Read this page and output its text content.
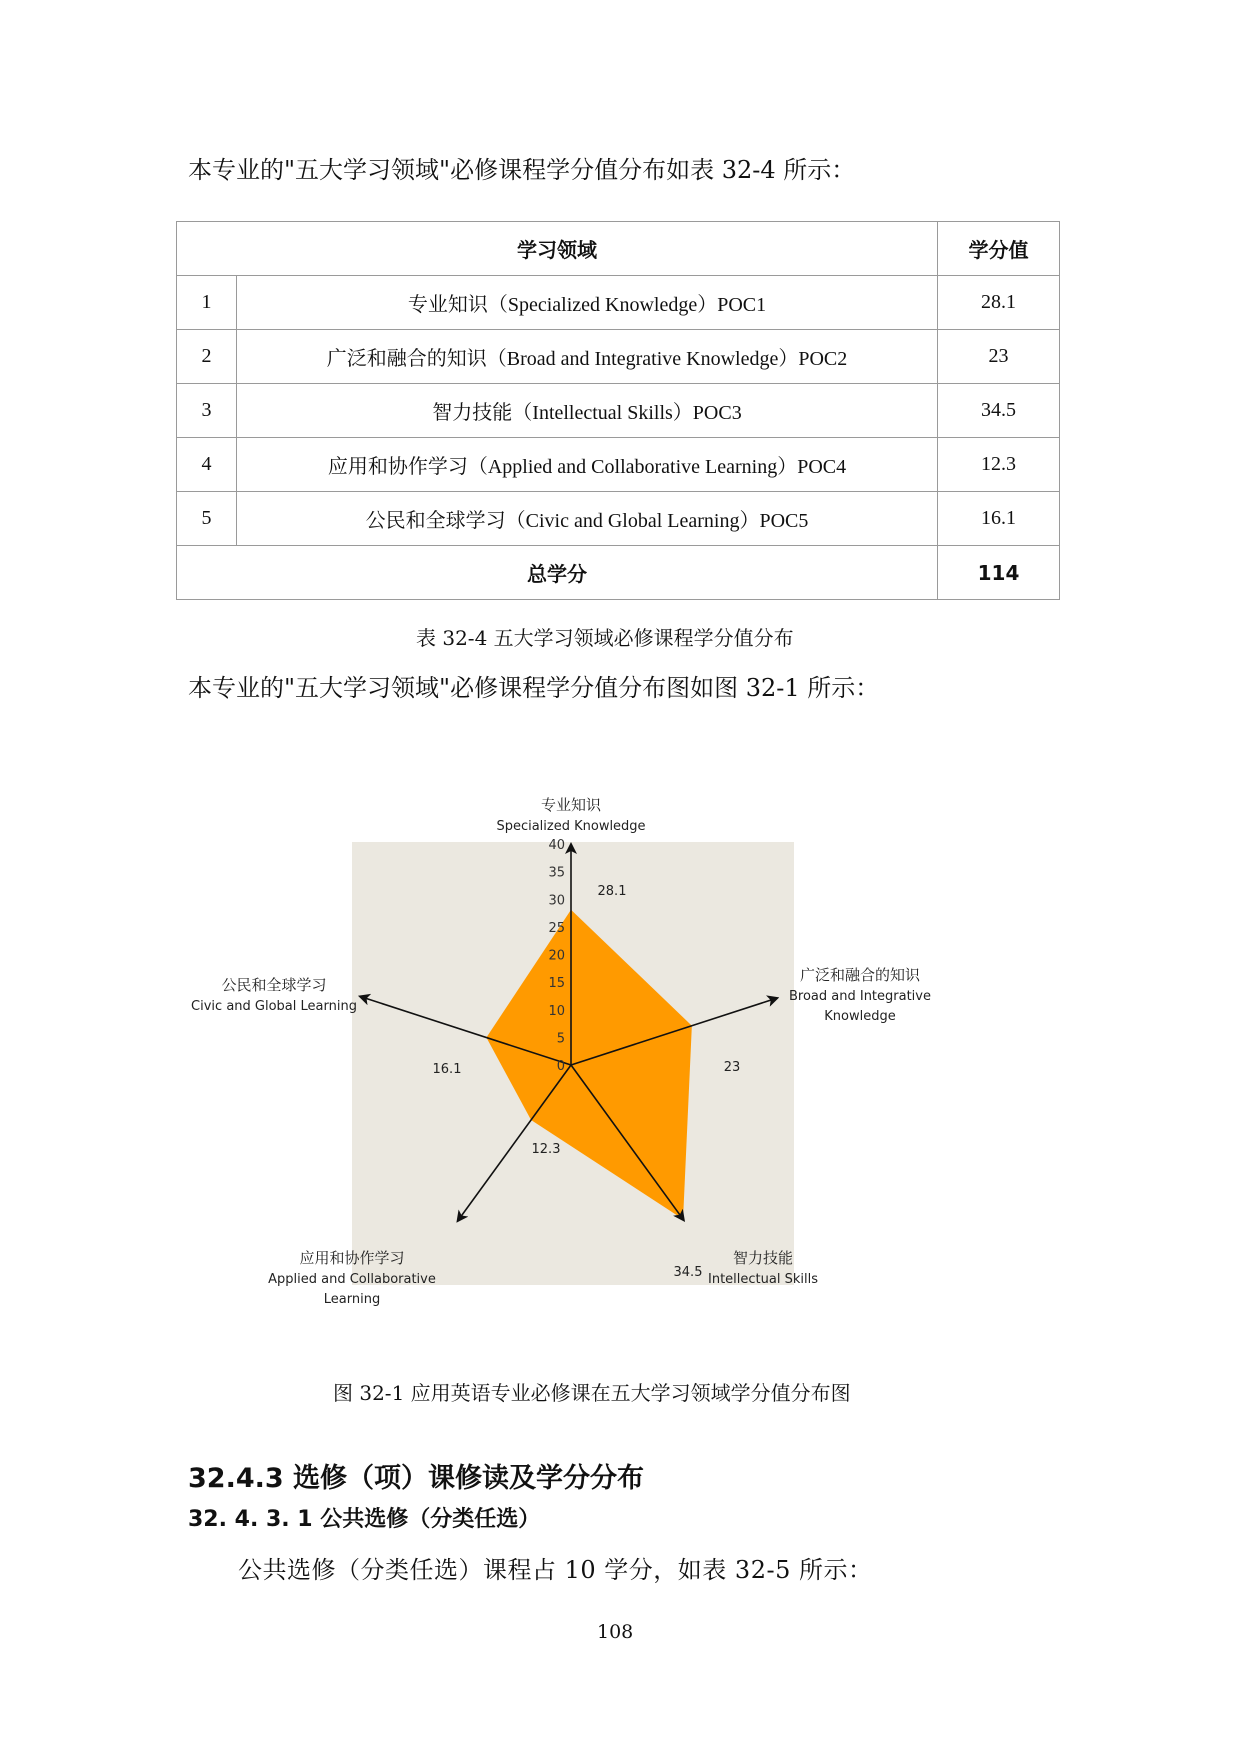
本专业的"五大学习领域"必修课程学分值分布如表 32-4 所示：
学习领域		学分值
1	专业知识（Specialized Knowledge）POC1	28.1
2	广泛和融合的知识（Broad and Integrative Knowledge）POC2	23
3	智力技能（Intellectual Skills）POC3	34.5
4	应用和协作学习（Applied and Collaborative Learning）POC4	12.3
5	公民和全球学习（Civic and Global Learning）POC5	16.1
总学分		114
表 32-4 五大学习领域必修课程学分值分布
本专业的"五大学习领域"必修课程学分值分布图如图 32-1 所示：
0
5
10
15
20
25
30
35
40
专业知识
Specialized Knowledge
广泛和融合的知识
Broad and Integrative
Knowledge
智力技能
Intellectual Skills
应用和协作学习
Applied and Collaborative
Learning
公民和全球学习
Civic and Global Learning
28.1
23
34.5
12.3
16.1
图 32-1 应用英语专业必修课在五大学习领域学分值分布图
32.4.3 选修（项）课修读及学分分布
32. 4. 3. 1 公共选修（分类任选）
公共选修（分类任选）课程占 10 学分，如表 32-5 所示：
108
